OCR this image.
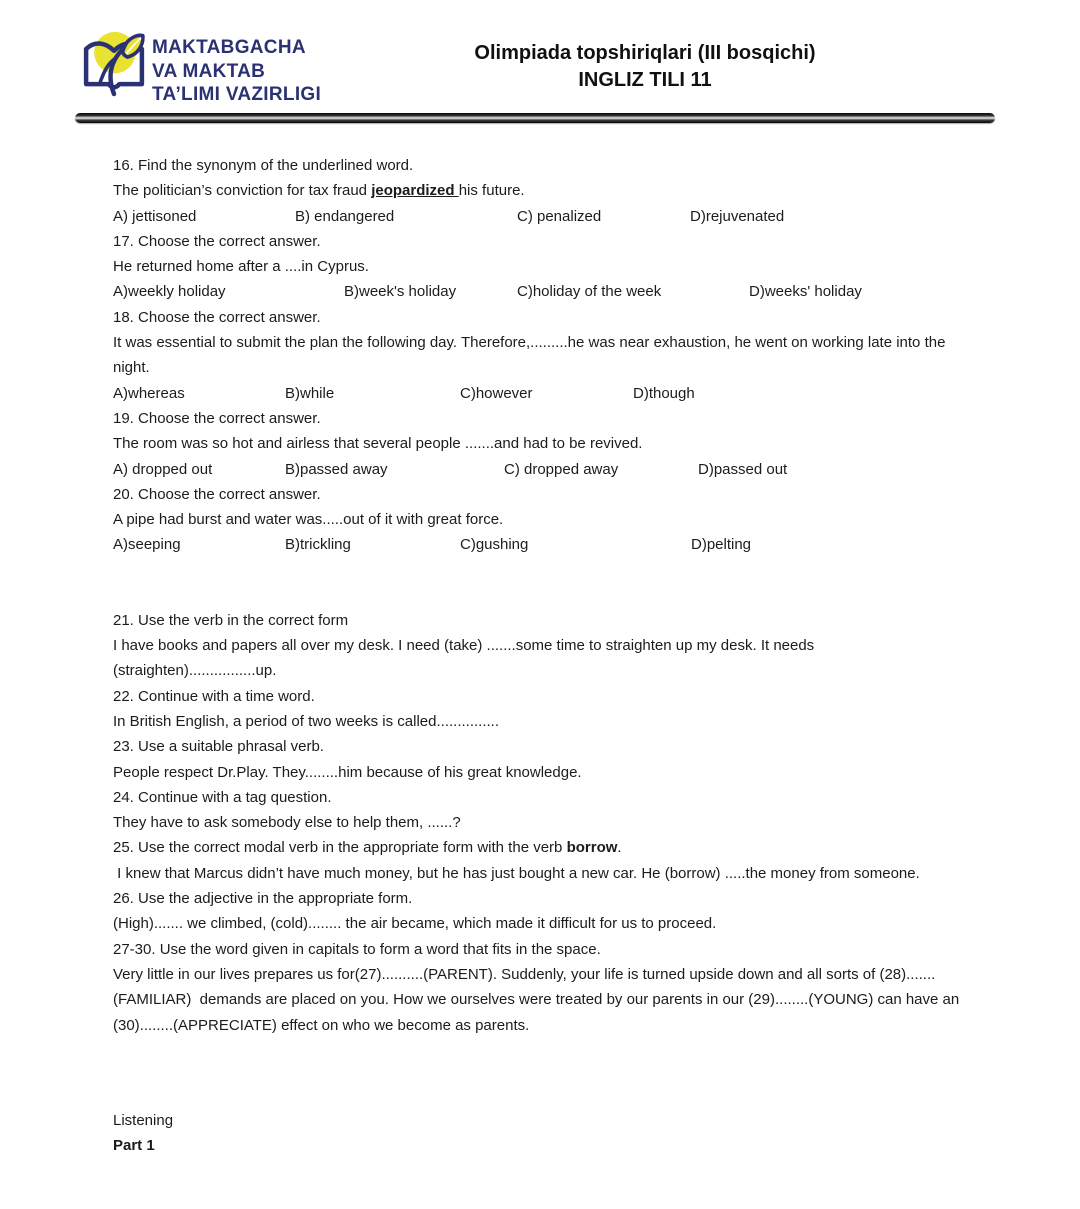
MAKTABGACHA
VA MAKTAB
TA’LIMI VAZIRLIGI
Olimpiada topshiriqlari (III bosqichi)
INGLIZ TILI 11

16. Find the synonym of the underlined word.

The politician’s conviction for tax fraud jeopardized his future.

A) jettisoned	B) endangered	C) penalized	D)rejuvenated

17. Choose the correct answer.

He returned home after a ....in Cyprus.

A)weekly holiday	B)week's holiday	C)holiday of the week	D)weeks' holiday

18. Choose the correct answer.

It was essential to submit the plan the following day. Therefore,.........he was near exhaustion, he went on working late into the night.

A)whereas	B)while	C)however	D)though

19. Choose the correct answer.

The room was so hot and airless that several people .......and had to be revived.

A) dropped out	B)passed away	C) dropped away	D)passed out

20. Choose the correct answer.

A pipe had burst and water was.....out of it with great force.

A)seeping	B)trickling	C)gushing	D)pelting

21. Use the verb in the correct form

I have books and papers all over my desk. I need (take) .......some time to straighten up my desk. It needs (straighten)................up.

22. Continue with a time word.

In British English, a period of two weeks is called...............

23. Use a suitable phrasal verb.

People respect Dr.Play. They........him because of his great knowledge.

24. Continue with a tag question.

They have to ask somebody else to help them, ......?

25. Use the correct modal verb in the appropriate form with the verb borrow.

I knew that Marcus didn’t have much money, but he has just bought a new car. He (borrow) .....the money from someone.

26. Use the adjective in the appropriate form.

(High)....... we climbed, (cold)........ the air became, which made it difficult for us to proceed.

27-30. Use the word given in capitals to form a word that fits in the space.

Very little in our lives prepares us for(27)..........(PARENT). Suddenly, your life is turned upside down and all sorts of (28).......(FAMILIAR)  demands are placed on you. How we ourselves were treated by our parents in our (29)........(YOUNG) can have an (30)........(APPRECIATE) effect on who we become as parents.

Listening

Part 1
